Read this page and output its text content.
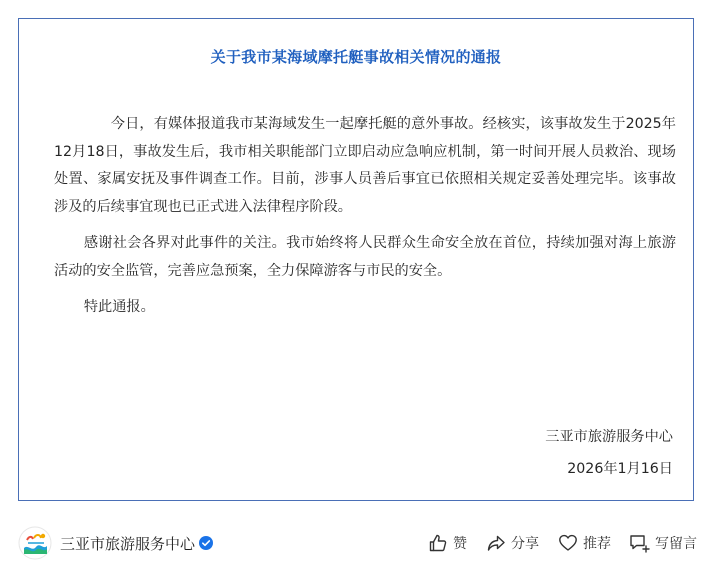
关于我市某海域摩托艇事故相关情况的通报

今日，有媒体报道我市某海域发生一起摩托艇的意外事故。经核实，该事故发生于2025年12月18日，事故发生后，我市相关职能部门立即启动应急响应机制，第一时间开展人员救治、现场处置、家属安抚及事件调查工作。目前，涉事人员善后事宜已依照相关规定妥善处理完毕。该事故涉及的后续事宜现也已正式进入法律程序阶段。

感谢社会各界对此事件的关注。我市始终将人民群众生命安全放在首位，持续加强对海上旅游活动的安全监管，完善应急预案，全力保障游客与市民的安全。

特此通报。

三亚市旅游服务中心
2026年1月16日
三亚市旅游服务中心	赞	分享	推荐	写留言
